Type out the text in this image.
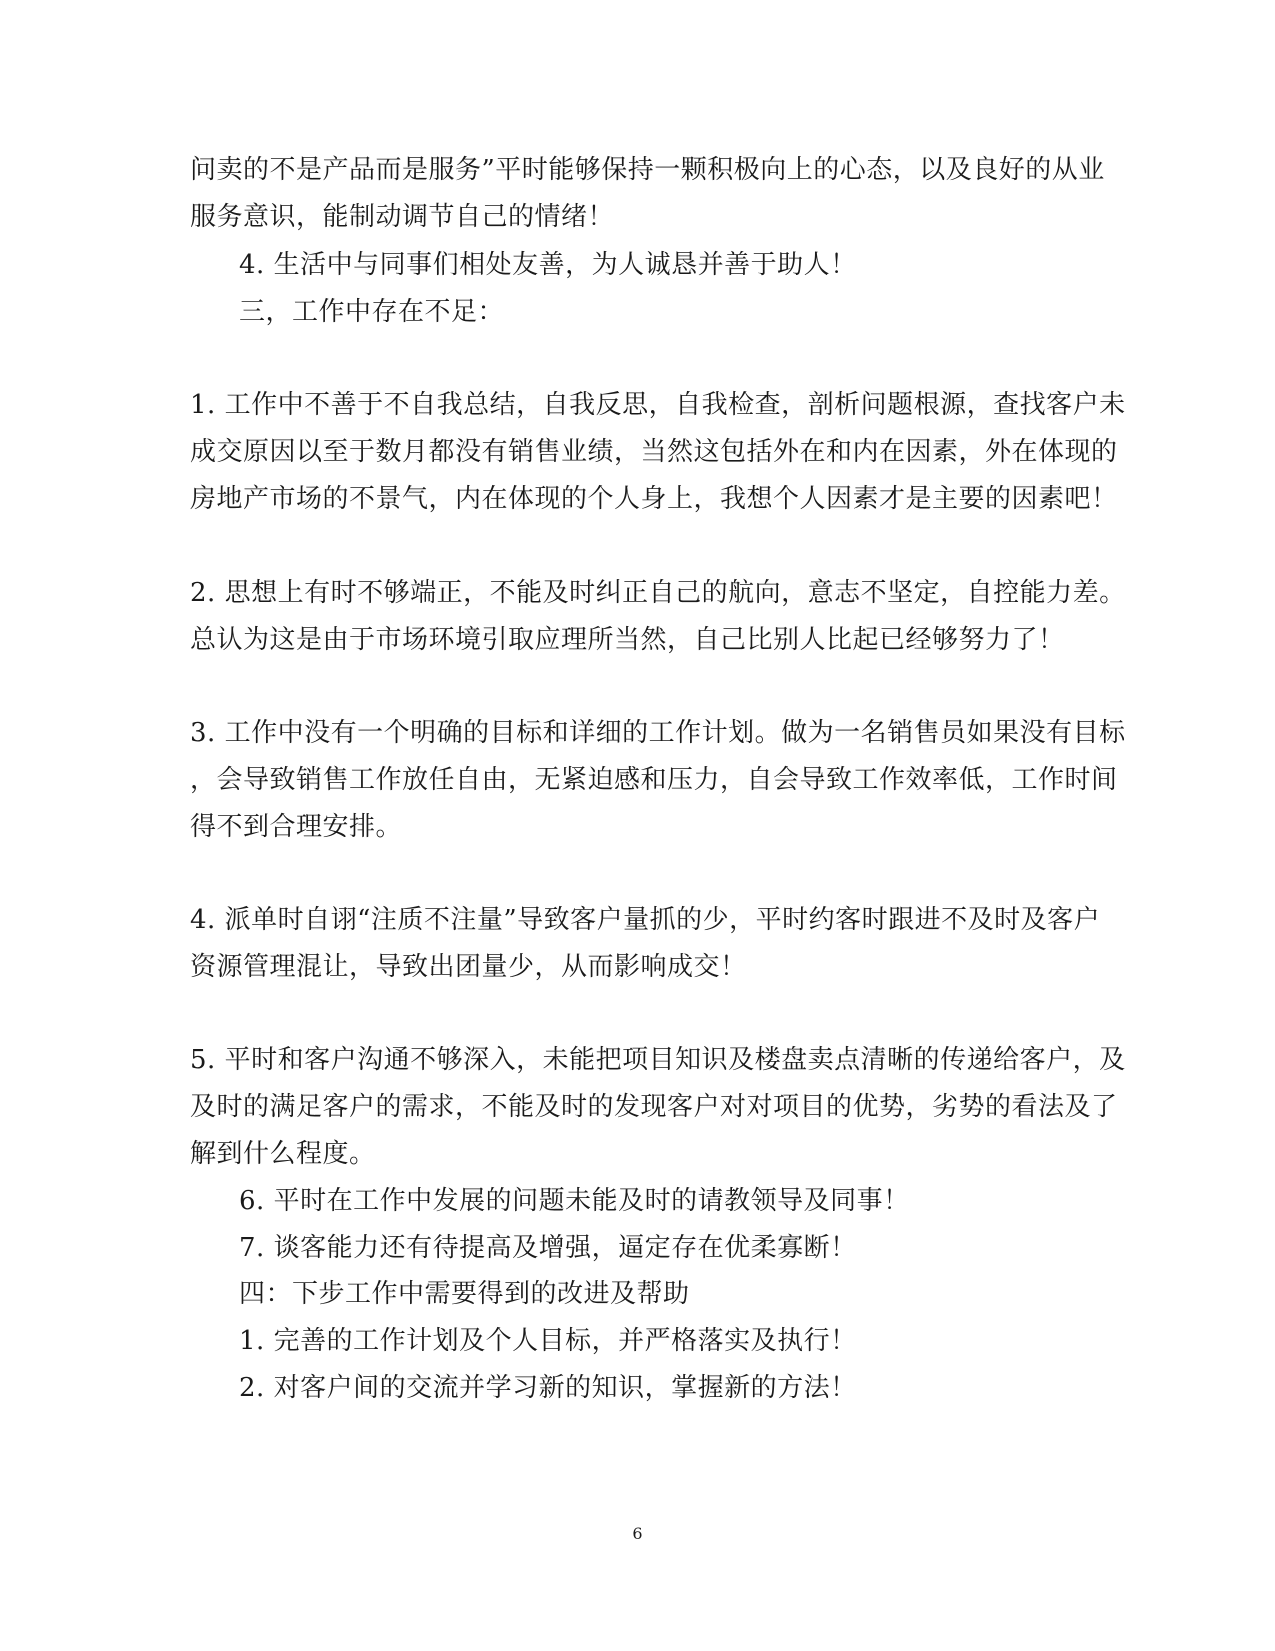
问卖的不是产品而是服务”平时能够保持一颗积极向上的心态，以及良好的从业
服务意识，能制动调节自己的情绪！
4. 生活中与同事们相处友善，为人诚恳并善于助人！
三，工作中存在不足：
1. 工作中不善于不自我总结，自我反思，自我检查，剖析问题根源，查找客户未
成交原因以至于数月都没有销售业绩，当然这包括外在和内在因素，外在体现的
房地产市场的不景气，内在体现的个人身上，我想个人因素才是主要的因素吧！
2. 思想上有时不够端正，不能及时纠正自己的航向，意志不坚定，自控能力差。
总认为这是由于市场环境引取应理所当然，自己比别人比起已经够努力了！
3. 工作中没有一个明确的目标和详细的工作计划。做为一名销售员如果没有目标
，会导致销售工作放任自由，无紧迫感和压力，自会导致工作效率低，工作时间
得不到合理安排。
4. 派单时自诩“注质不注量”导致客户量抓的少，平时约客时跟进不及时及客户
资源管理混让，导致出团量少，从而影响成交！
5. 平时和客户沟通不够深入，未能把项目知识及楼盘卖点清晰的传递给客户，及
及时的满足客户的需求，不能及时的发现客户对对项目的优势，劣势的看法及了
解到什么程度。
6. 平时在工作中发展的问题未能及时的请教领导及同事！
7. 谈客能力还有待提高及增强，逼定存在优柔寡断！
四：下步工作中需要得到的改进及帮助
1. 完善的工作计划及个人目标，并严格落实及执行！
2. 对客户间的交流并学习新的知识，掌握新的方法！
6
